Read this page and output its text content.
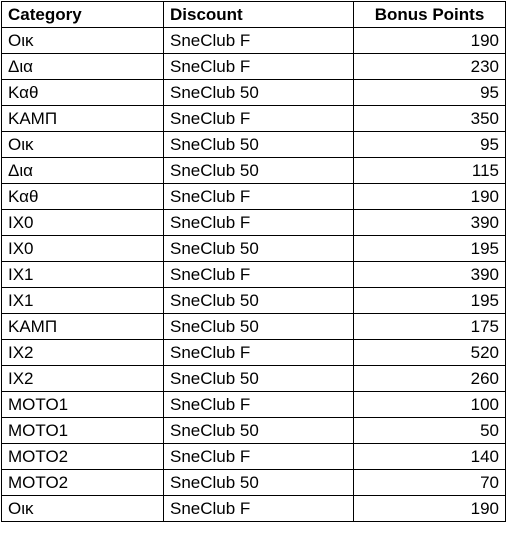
Category	Discount	Bonus Points
Οικ	SneClub F	190
Δια	SneClub F	230
Καθ	SneClub 50	95
ΚΑΜΠ	SneClub F	350
Οικ	SneClub 50	95
Δια	SneClub 50	115
Καθ	SneClub F	190
ΙΧ0	SneClub F	390
ΙΧ0	SneClub 50	195
ΙΧ1	SneClub F	390
ΙΧ1	SneClub 50	195
ΚΑΜΠ	SneClub 50	175
ΙΧ2	SneClub F	520
ΙΧ2	SneClub 50	260
ΜΟΤΟ1	SneClub F	100
ΜΟΤΟ1	SneClub 50	50
ΜΟΤΟ2	SneClub F	140
ΜΟΤΟ2	SneClub 50	70
Οικ	SneClub F	190
